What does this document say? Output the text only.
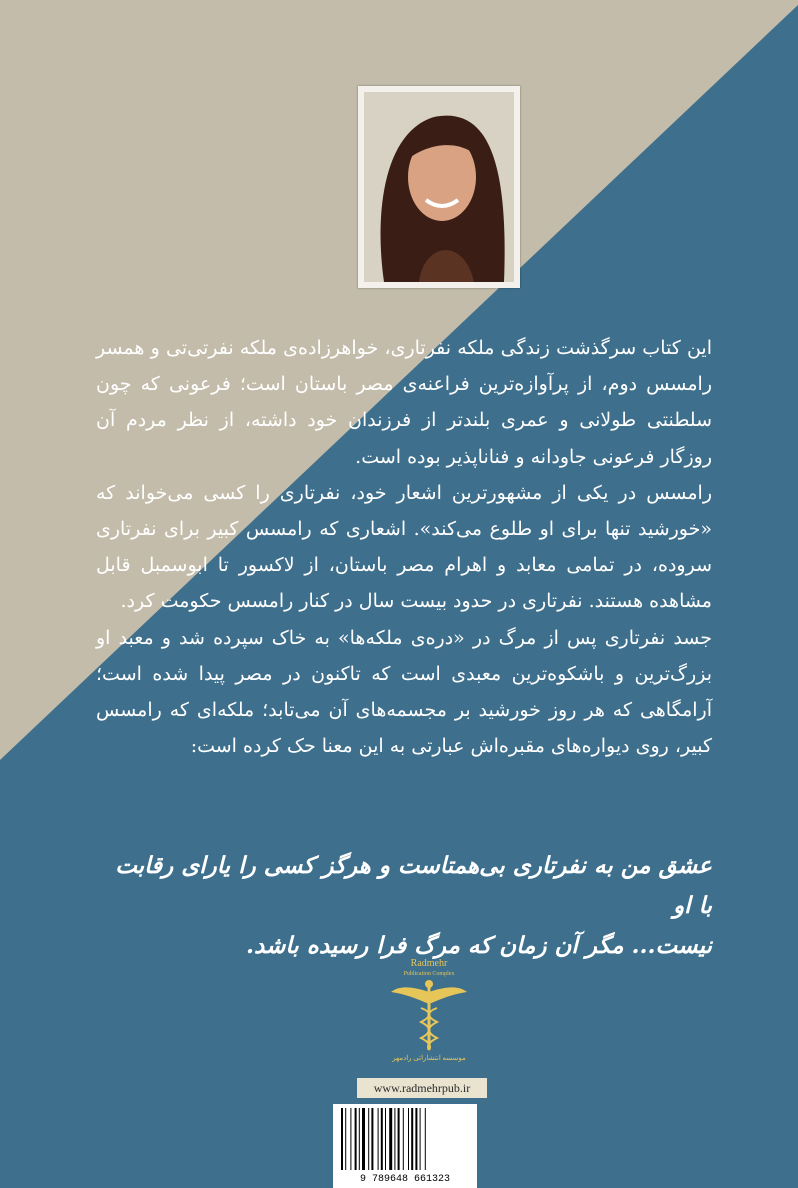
این کتاب سرگذشت زندگی ملکه نفرتاری، خواهرزاده‌ی ملکه نفرتی‌تی و همسر رامسس دوم، از پرآوازه‌ترین فراعنه‌ی مصر باستان است؛ فرعونی که چون سلطنتی طولانی و عمری بلندتر از فرزندان خود داشته، از نظر مردم آن روزگار فرعونی جاودانه و فناناپذیر بوده است.

رامسس در یکی از مشهورترین اشعار خود، نفرتاری را کسی می‌خواند که «خورشید تنها برای او طلوع می‌کند». اشعاری که رامسس کبیر برای نفرتاری سروده، در تمامی معابد و اهرام مصر باستان، از لاکسور تا ابوسمبل قابل مشاهده هستند. نفرتاری در حدود بیست سال در کنار رامسس حکومت کرد.

جسد نفرتاری پس از مرگ در «دره‌ی ملکه‌ها» به خاک سپرده شد و معبد او بزرگ‌ترین و باشکوه‌ترین معبدی است که تاکنون در مصر پیدا شده است؛ آرامگاهی که هر روز خورشید بر مجسمه‌های آن می‌تابد؛ ملکه‌ای که رامسس کبیر، روی دیواره‌های مقبره‌اش عبارتی به این معنا حک کرده است:

عشق من به نفرتاری بی‌همتاست و هرگز کسی را یارای رقابت با او

نیست... مگر آن زمان که مرگ فرا رسیده باشد.

Radmehr
Publication Complex
موسسه انتشاراتی رادمهر
www.radmehrpub.ir
9 789648 661323
